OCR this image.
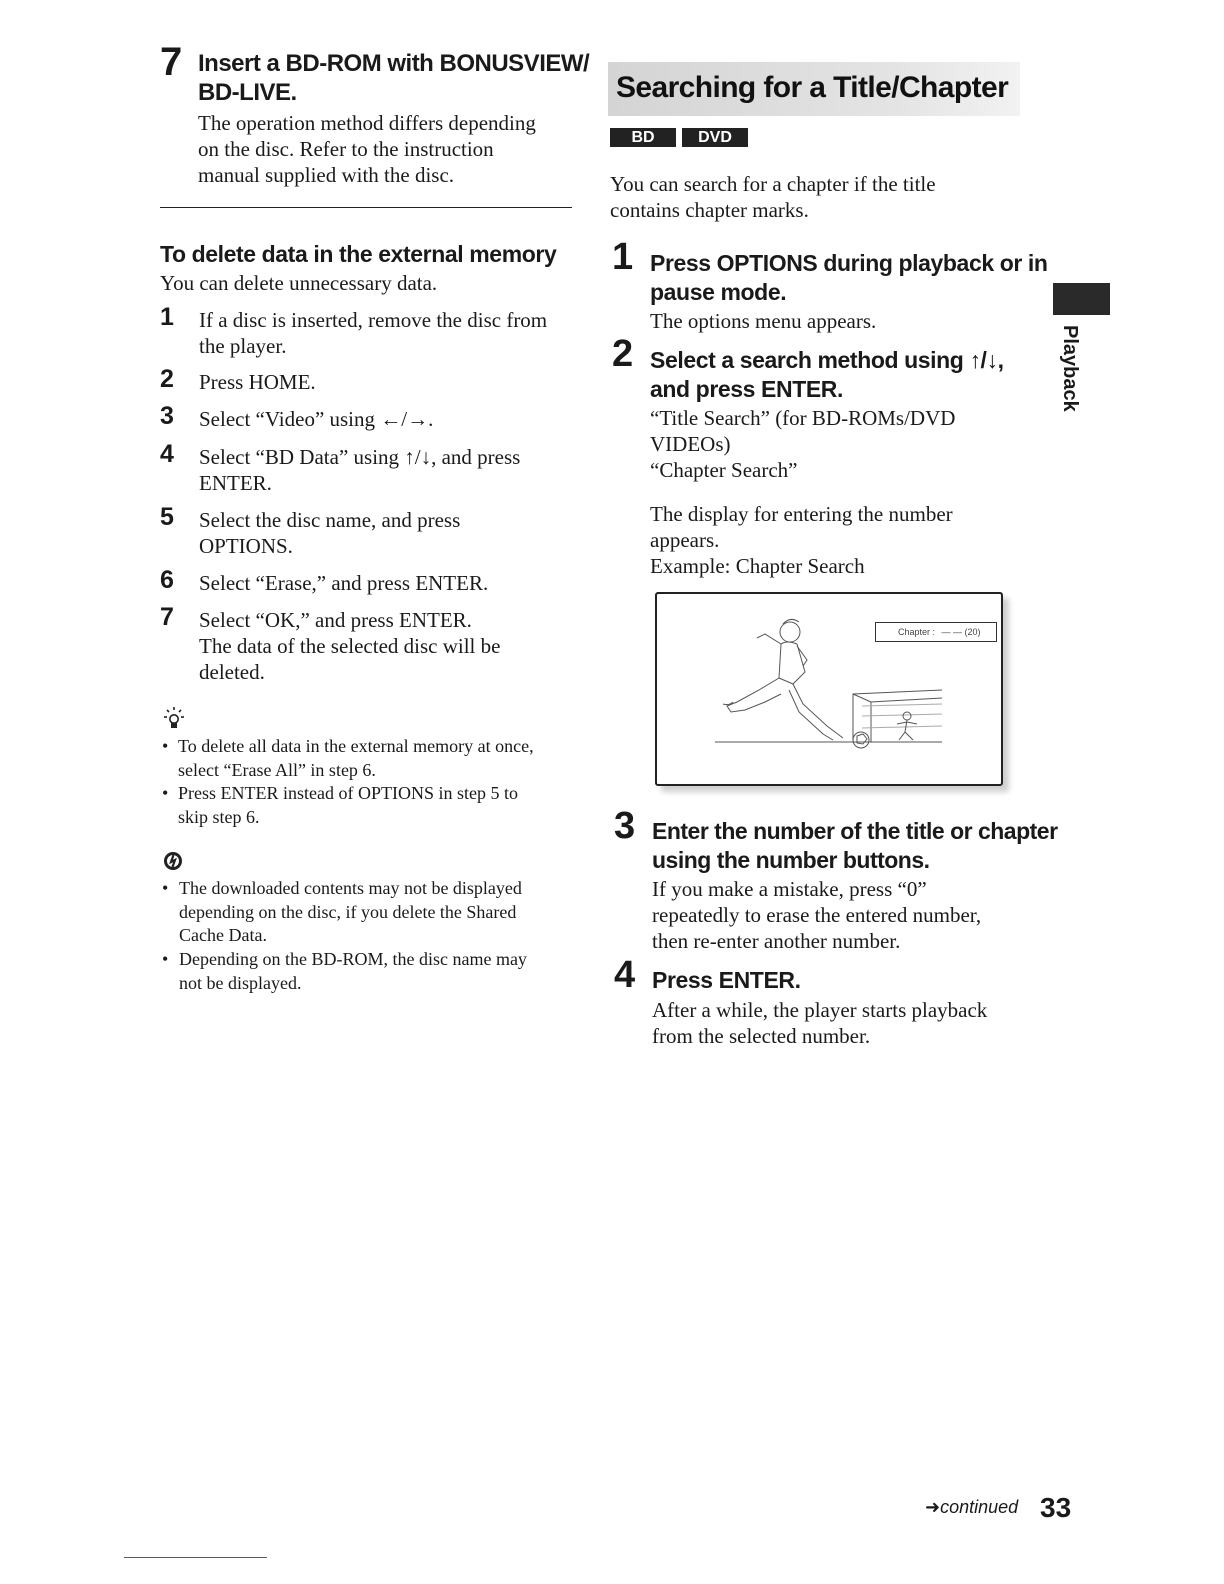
7 Insert a BD-ROM with BONUSVIEW/
BD-LIVE.
The operation method differs depending
on the disc. Refer to the instruction
manual supplied with the disc.
To delete data in the external memory
You can delete unnecessary data.
1 If a disc is inserted, remove the disc from
the player.
2 Press HOME.
3 Select “Video” using ←/→.
4 Select “BD Data” using ↑/↓, and press
ENTER.
5 Select the disc name, and press
OPTIONS.
6 Select “Erase,” and press ENTER.
7 Select “OK,” and press ENTER.
The data of the selected disc will be
deleted.
• To delete all data in the external memory at once,
select “Erase All” in step 6.
• Press ENTER instead of OPTIONS in step 5 to
skip step 6.
• The downloaded contents may not be displayed
depending on the disc, if you delete the Shared
Cache Data.
• Depending on the BD-ROM, the disc name may
not be displayed.
Searching for a Title/Chapter
BD	DVD
You can search for a chapter if the title
contains chapter marks.
1 Press OPTIONS during playback or in
pause mode.
The options menu appears.
2 Select a search method using ↑/↓,
and press ENTER.
“Title Search” (for BD-ROMs/DVD
VIDEOs)
“Chapter Search”
The display for entering the number
appears.
Example: Chapter Search
Chapter : — — (20)
3 Enter the number of the title or chapter
using the number buttons.
If you make a mistake, press “0”
repeatedly to erase the entered number,
then re-enter another number.
4 Press ENTER.
After a while, the player starts playback
from the selected number.
Playback
➜continued 33
